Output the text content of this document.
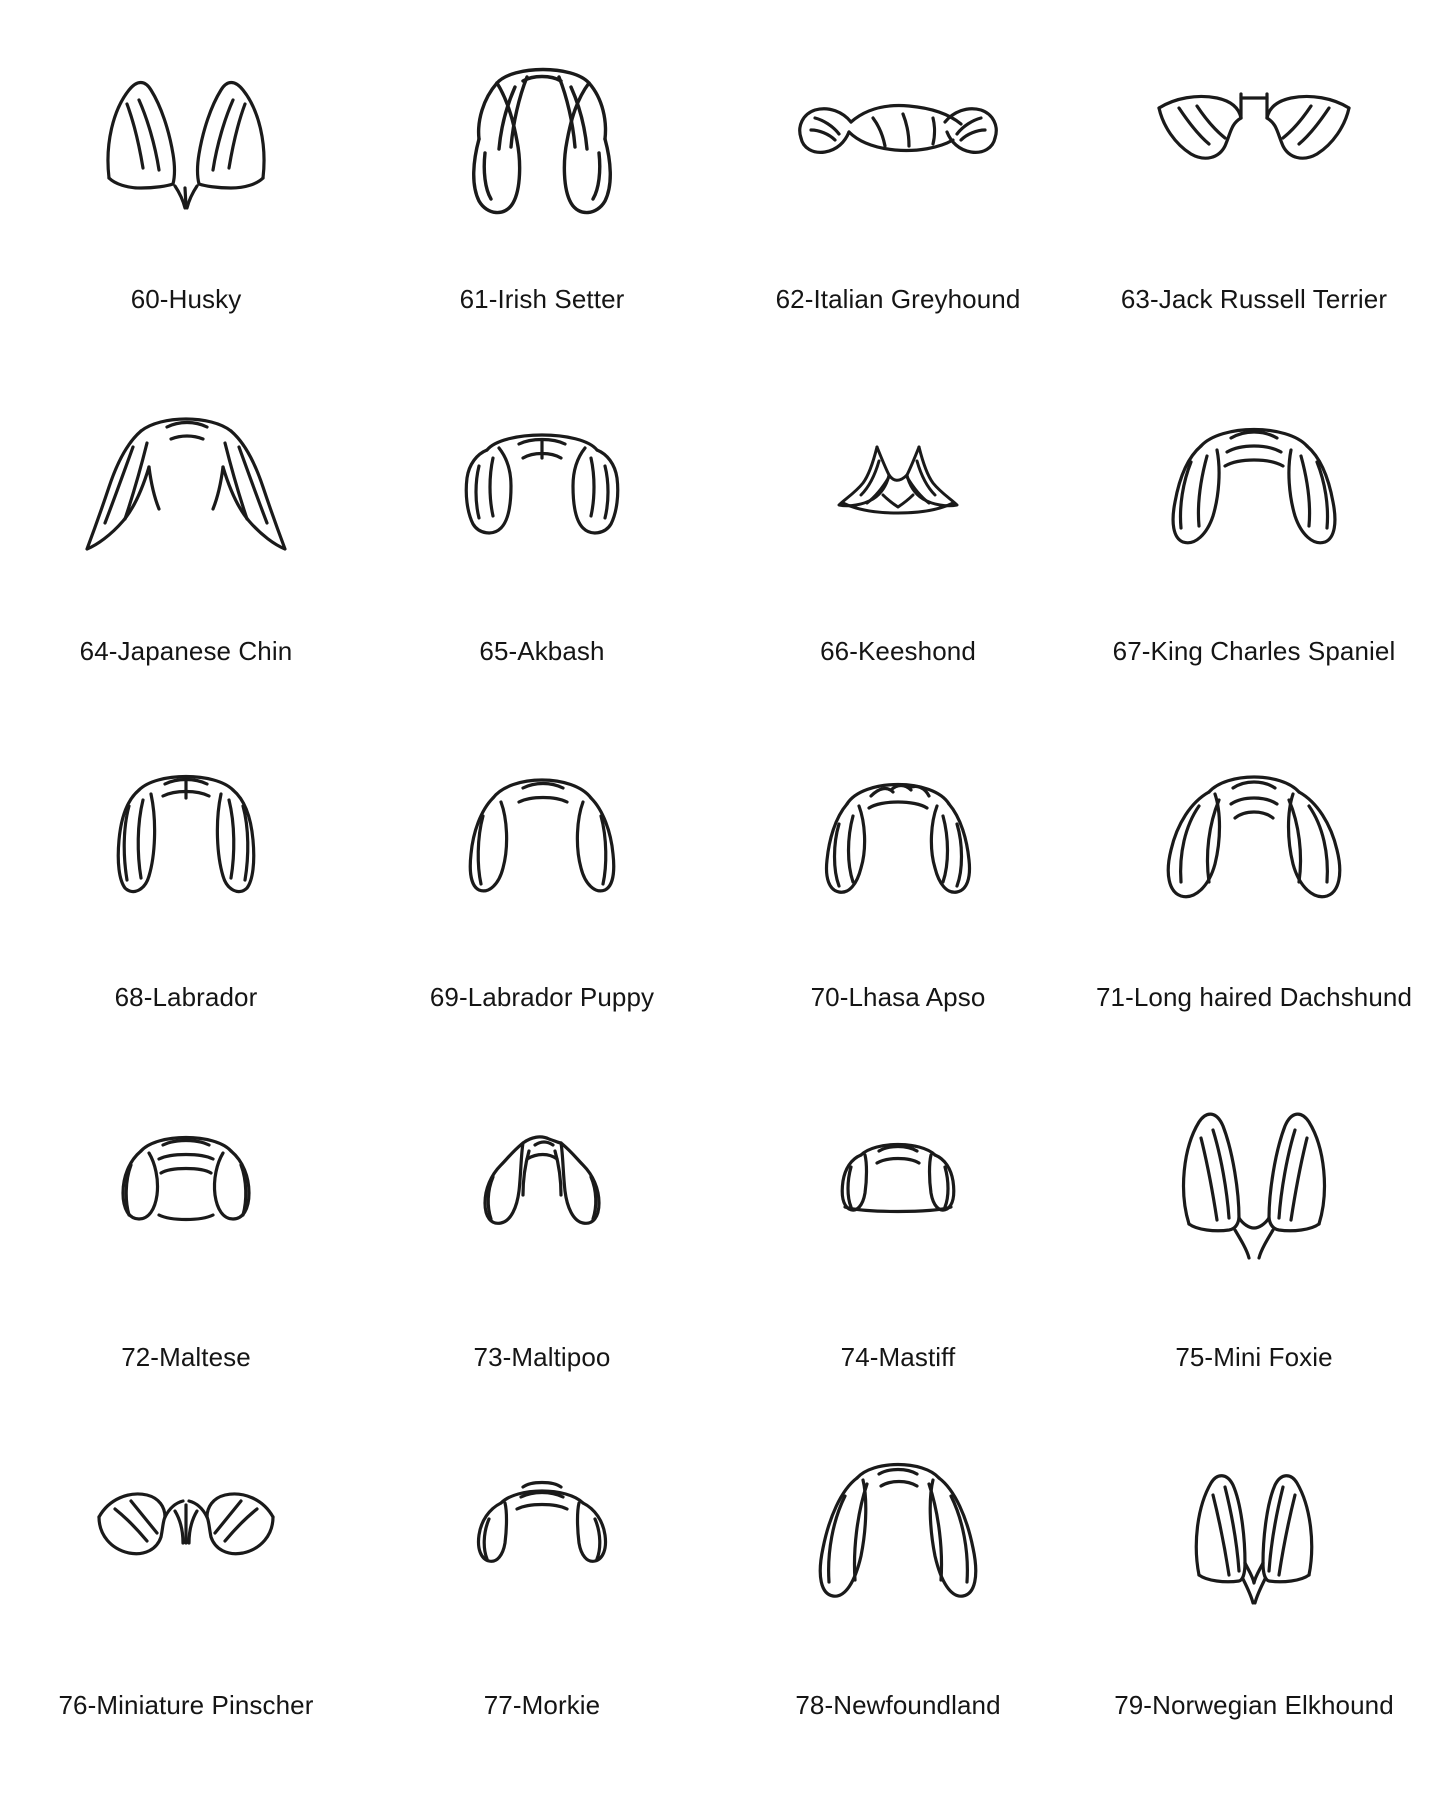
60-Husky	61-Irish Setter	62-Italian Greyhound	63-Jack Russell Terrier
64-Japanese Chin	65-Akbash	66-Keeshond	67-King Charles Spaniel
68-Labrador	69-Labrador Puppy	70-Lhasa Apso	71-Long haired Dachshund
72-Maltese	73-Maltipoo	74-Mastiff	75-Mini Foxie
76-Miniature Pinscher	77-Morkie	78-Newfoundland	79-Norwegian Elkhound
